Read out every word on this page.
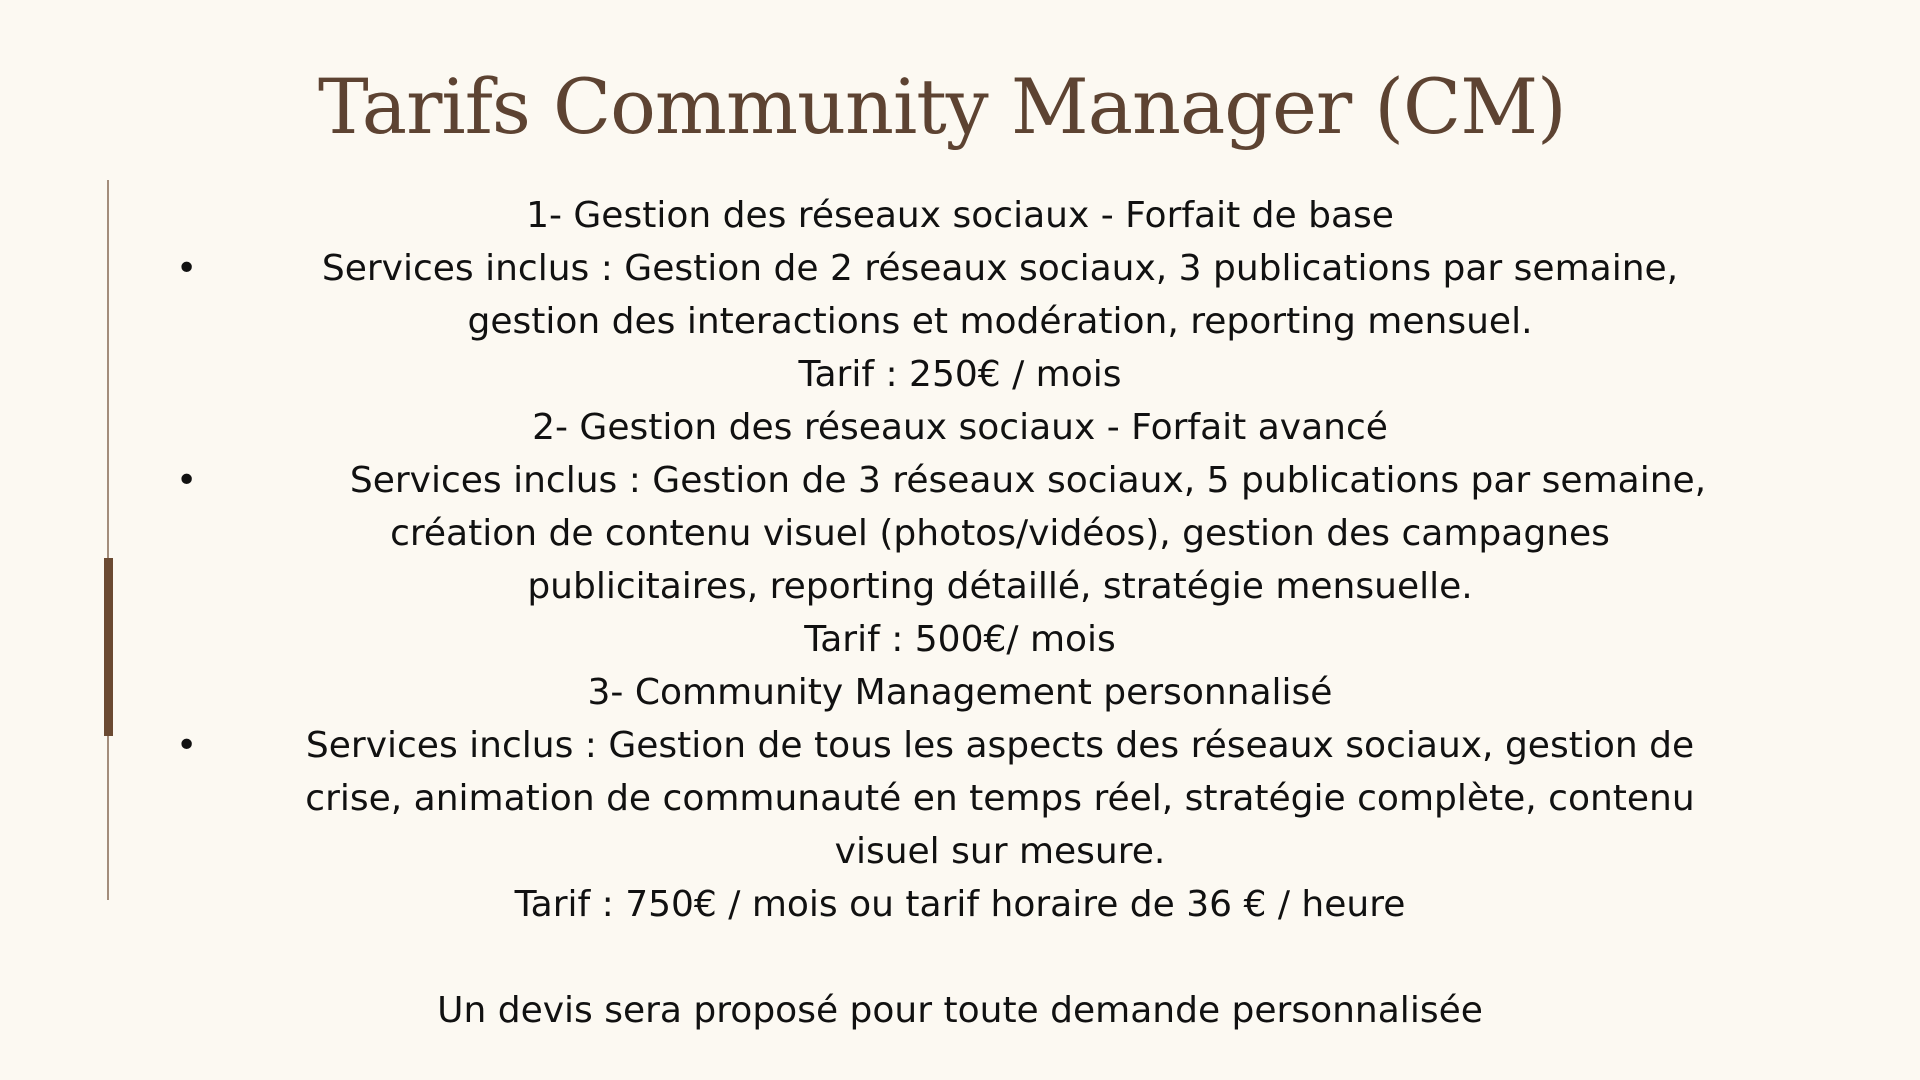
Tarifs Community Manager (CM)
1- Gestion des réseaux sociaux - Forfait de base
•	Services inclus : Gestion de 2 réseaux sociaux, 3 publications par semaine,
gestion des interactions et modération, reporting mensuel.
Tarif : 250€ / mois
2- Gestion des réseaux sociaux - Forfait avancé
•	Services inclus : Gestion de 3 réseaux sociaux, 5 publications par semaine,
création de contenu visuel (photos/vidéos), gestion des campagnes
publicitaires, reporting détaillé, stratégie mensuelle.
Tarif : 500€/ mois
3- Community Management personnalisé
•	Services inclus : Gestion de tous les aspects des réseaux sociaux, gestion de
crise, animation de communauté en temps réel, stratégie complète, contenu
visuel sur mesure.
Tarif : 750€ / mois ou tarif horaire de 36 € / heure
Un devis sera proposé pour toute demande personnalisée
